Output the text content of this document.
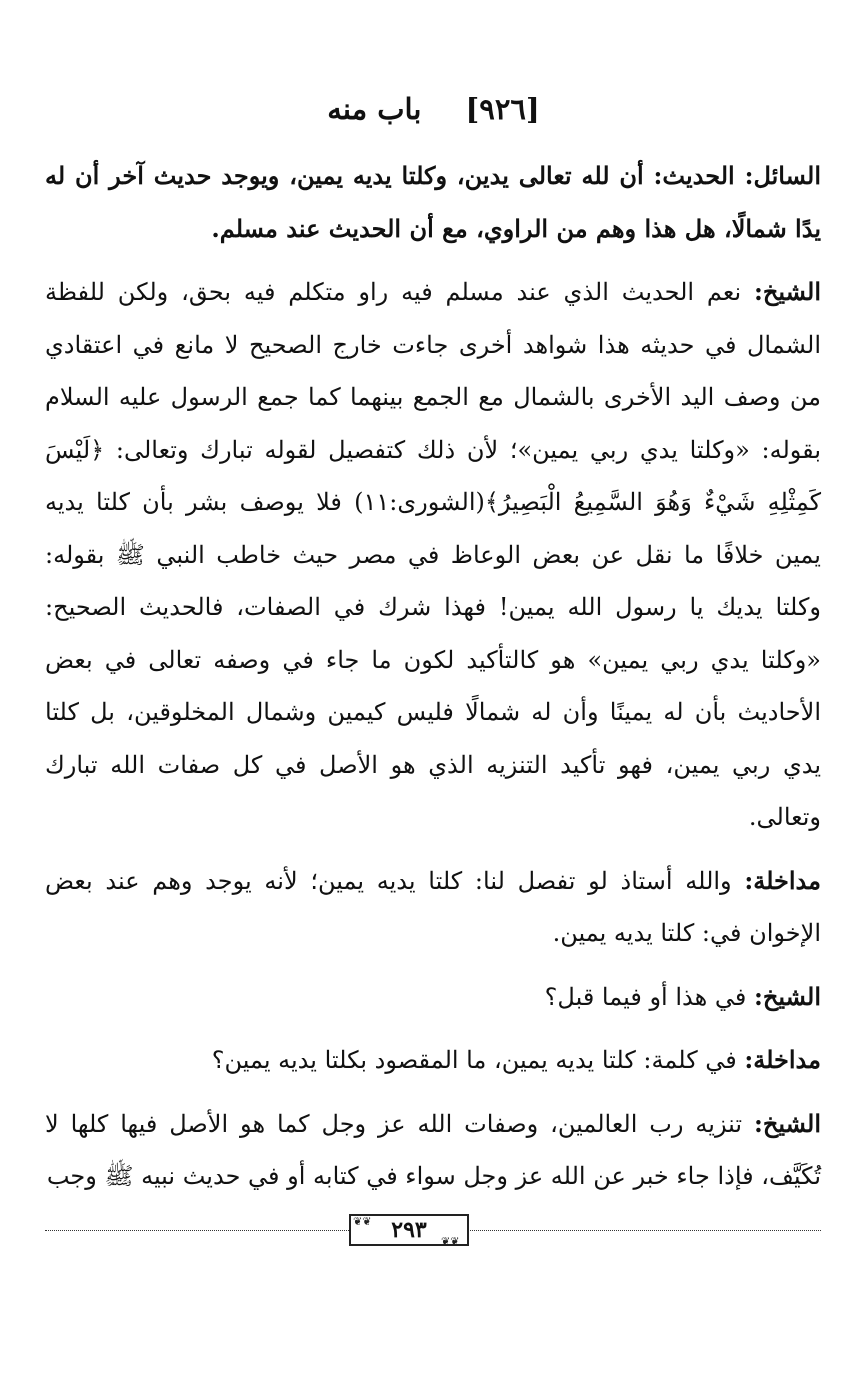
[٩٢٦] باب منه

السائل: الحديث: أن لله تعالى يدين، وكلتا يديه يمين، ويوجد حديث آخر أن له يدًا شمالًا، هل هذا وهم من الراوي، مع أن الحديث عند مسلم.

الشيخ: نعم الحديث الذي عند مسلم فيه راو متكلم فيه بحق، ولكن للفظة الشمال في حديثه هذا شواهد أخرى جاءت خارج الصحيح لا مانع في اعتقادي من وصف اليد الأخرى بالشمال مع الجمع بينهما كما جمع الرسول عليه السلام بقوله: «وكلتا يدي ربي يمين»؛ لأن ذلك كتفصيل لقوله تبارك وتعالى: ﴿لَيْسَ كَمِثْلِهِ شَيْءٌ وَهُوَ السَّمِيعُ الْبَصِيرُ﴾(الشورى:١١) فلا يوصف بشر بأن كلتا يديه يمين خلافًا ما نقل عن بعض الوعاظ في مصر حيث خاطب النبي ﷺ بقوله: وكلتا يديك يا رسول الله يمين! فهذا شرك في الصفات، فالحديث الصحيح: «وكلتا يدي ربي يمين» هو كالتأكيد لكون ما جاء في وصفه تعالى في بعض الأحاديث بأن له يمينًا وأن له شمالًا فليس كيمين وشمال المخلوقين، بل كلتا يدي ربي يمين، فهو تأكيد التنزيه الذي هو الأصل في كل صفات الله تبارك وتعالى.

مداخلة: والله أستاذ لو تفصل لنا: كلتا يديه يمين؛ لأنه يوجد وهم عند بعض الإخوان في: كلتا يديه يمين.

الشيخ: في هذا أو فيما قبل؟

مداخلة: في كلمة: كلتا يديه يمين، ما المقصود بكلتا يديه يمين؟

الشيخ: تنزيه رب العالمين، وصفات الله عز وجل كما هو الأصل فيها كلها لا تُكَيَّف، فإذا جاء خبر عن الله عز وجل سواء في كتابه أو في حديث نبيه ﷺ وجب

٢٩٣
❦❦
❦❦
